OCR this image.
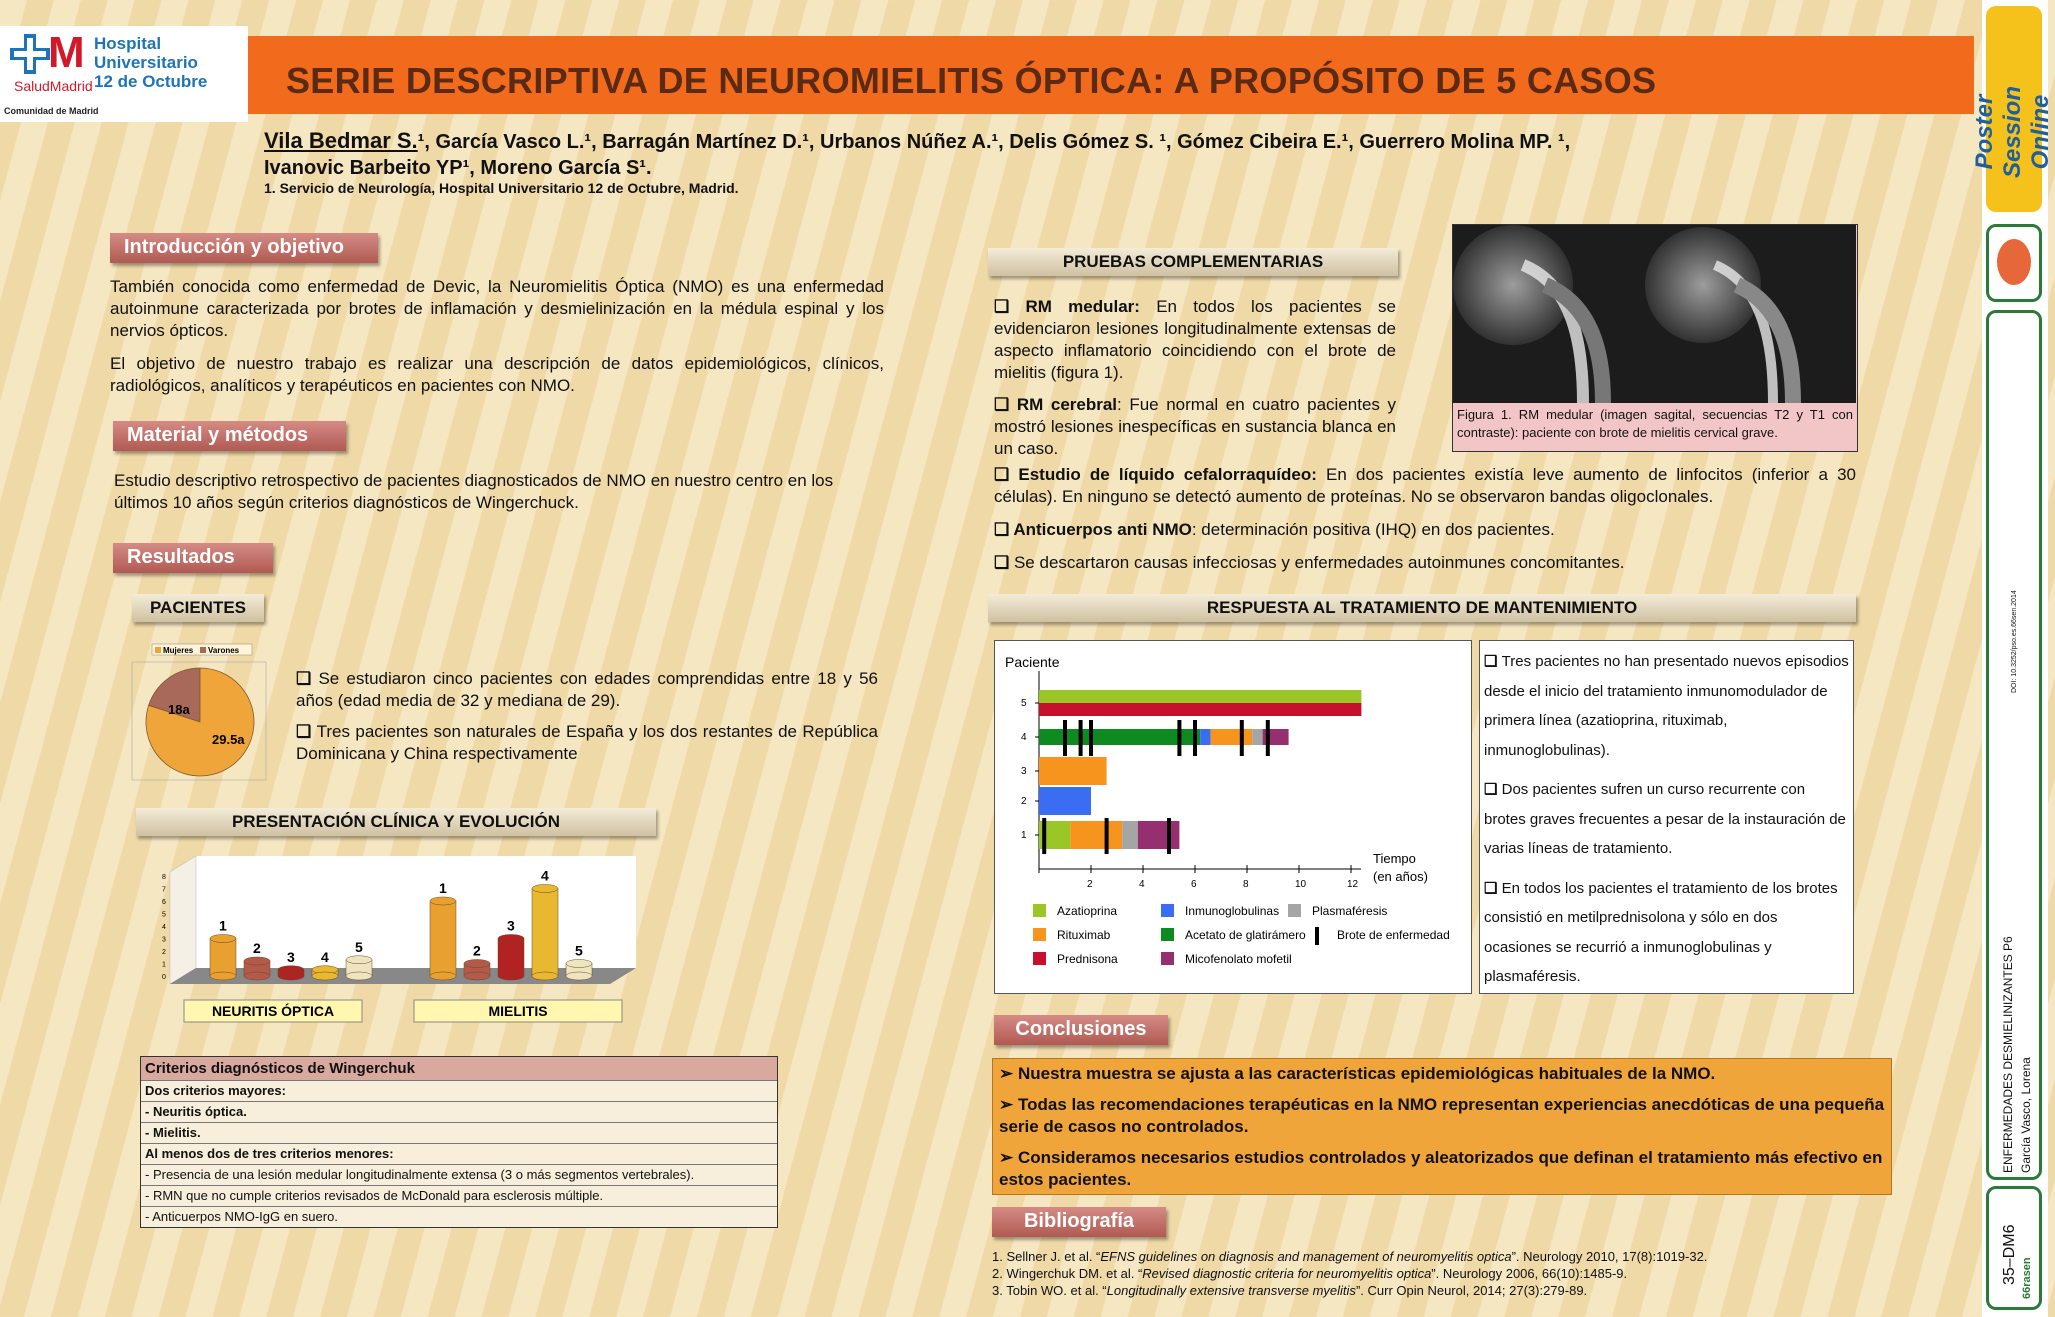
M Hospital Universitario
12 de Octubre
SaludMadrid
Comunidad de Madrid
SERIE DESCRIPTIVA DE NEUROMIELITIS ÓPTICA: A PROPÓSITO DE 5 CASOS
Vila Bedmar S.¹, García Vasco L.¹, Barragán Martínez D.¹, Urbanos Núñez A.¹, Delis Gómez S. ¹, Gómez Cibeira E.¹, Guerrero Molina MP. ¹,
Ivanovic Barbeito YP¹, Moreno García S¹.
1. Servicio de Neurología, Hospital Universitario 12 de Octubre, Madrid.
Introducción y objetivo
También conocida como enfermedad de Devic, la Neuromielitis Óptica (NMO) es una enfermedad autoinmune caracterizada por brotes de inflamación y desmielinización en la médula espinal y los nervios ópticos.
El objetivo de nuestro trabajo es realizar una descripción de datos epidemiológicos, clínicos, radiológicos, analíticos y terapéuticos en pacientes con NMO.
Material y métodos
Estudio descriptivo retrospectivo de pacientes diagnosticados de NMO en nuestro centro en los últimos 10 años según criterios diagnósticos de Wingerchuck.
Resultados
PACIENTES
Mujeres Varones
18a
29.5a
❑ Se estudiaron cinco pacientes con edades comprendidas entre 18 y 56 años (edad media de 32 y mediana de 29).
❑ Tres pacientes son naturales de España y los dos restantes de República Dominicana y China respectivamente
PRESENTACIÓN CLÍNICA Y EVOLUCIÓN
0
1
2
3
4
5
6
7
8
1
2
3 4
5
1
2
3
4
5
NEURITIS ÓPTICA	MIELITIS
Criterios diagnósticos de Wingerchuk
Dos criterios mayores:
- Neuritis óptica.
- Mielitis.
Al menos dos de tres criterios menores:
- Presencia de una lesión medular longitudinalmente extensa (3 o más segmentos vertebrales).
- RMN que no cumple criterios revisados de McDonald para esclerosis múltiple.
- Anticuerpos NMO-IgG en suero.
PRUEBAS COMPLEMENTARIAS
❑ RM medular: En todos los pacientes se evidenciaron lesiones longitudinalmente extensas de aspecto inflamatorio coincidiendo con el brote de mielitis (figura 1).
❑ RM cerebral: Fue normal en cuatro pacientes y mostró lesiones inespecíficas en sustancia blanca en un caso.
❑ Estudio de líquido cefalorraquídeo: En dos pacientes existía leve aumento de linfocitos (inferior a 30 células). En ninguno se detectó aumento de proteínas. No se observaron bandas oligoclonales.
❑ Anticuerpos anti NMO: determinación positiva (IHQ) en dos pacientes.
❑ Se descartaron causas infecciosas y enfermedades autoinmunes concomitantes.
Figura 1. RM medular (imagen sagital, secuencias T2 y T1 con contraste): paciente con brote de mielitis cervical grave.
RESPUESTA AL TRATAMIENTO DE MANTENIMIENTO
Paciente
Tiempo
(en años)
2	4	6	8	10	12
1
2
3
4
5
Azatioprina
Rituximab
Prednisona
Inmunoglobulinas
Acetato de glatirámero
Micofenolato mofetil
Plasmaféresis
Brote de enfermedad
❑ Tres pacientes no han presentado nuevos episodios desde el inicio del tratamiento inmunomodulador de primera línea (azatioprina, rituximab, inmunoglobulinas).
❑ Dos pacientes sufren un curso recurrente con brotes graves frecuentes a pesar de la instauración de varias líneas de tratamiento.
❑ En todos los pacientes el tratamiento de los brotes consistió en metilprednisolona y sólo en dos ocasiones se recurrió a inmunoglobulinas y plasmaféresis.
Conclusiones

➢ Nuestra muestra se ajusta a las características epidemiológicas habituales de la NMO.

➢ Todas las recomendaciones terapéuticas en la NMO representan experiencias anecdóticas de una pequeña serie de casos no controlados.

➢ Consideramos necesarios estudios controlados y aleatorizados que definan el tratamiento más efectivo en estos pacientes.

Bibliografía
1. Sellner J. et al. “EFNS guidelines on diagnosis and management of neuromyelitis optica”. Neurology 2010, 17(8):1019-32.
2. Wingerchuk DM. et al. “Revised diagnostic criteria for neuromyelitis optica”. Neurology 2006, 66(10):1485-9.
3. Tobin WO. et al. “Longitudinally extensive transverse myelitis”. Curr Opin Neurol, 2014; 27(3):279-89.
Poster Session Online
DOI: 10.3252/pso.es.66sen.2014
ENFERMEDADES DESMIELINIZANTES P6 García Vasco, Lorena
35–DM6 66rasen
